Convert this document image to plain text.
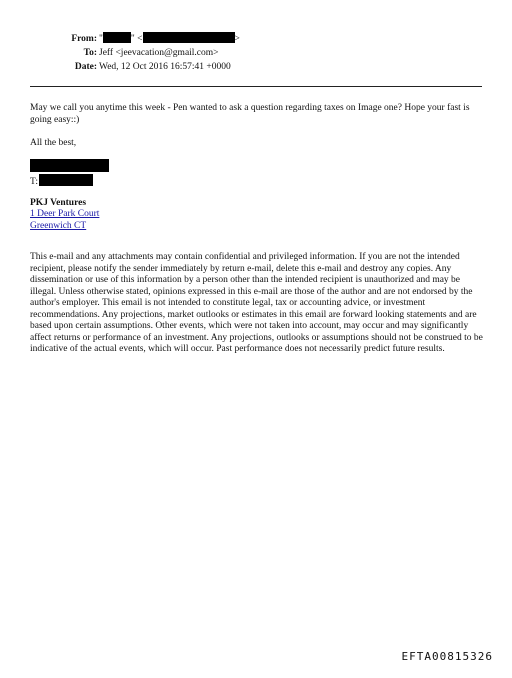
From: "	" <	>
To: Jeff <jeevacation@gmail.com>
Date: Wed, 12 Oct 2016 16:57:41 +0000

May we call you anytime this week - Pen wanted to ask a question regarding taxes on Image one? Hope your fast is going easy::)

All the best,

T:

PKJ Ventures

1 Deer Park Court

Greenwich CT

This e-mail and any attachments may contain confidential and privileged information. If you are not the intended recipient, please notify the sender immediately by return e-mail, delete this e-mail and destroy any copies. Any dissemination or use of this information by a person other than the intended recipient is unauthorized and may be illegal. Unless otherwise stated, opinions expressed in this e-mail are those of the author and are not endorsed by the author's employer. This email is not intended to constitute legal, tax or accounting advice, or investment recommendations. Any projections, market outlooks or estimates in this email are forward looking statements and are based upon certain assumptions. Other events, which were not taken into account, may occur and may significantly affect returns or performance of an investment. Any projections, outlooks or assumptions should not be construed to be indicative of the actual events, which will occur. Past performance does not necessarily predict future results.

EFTA00815326
